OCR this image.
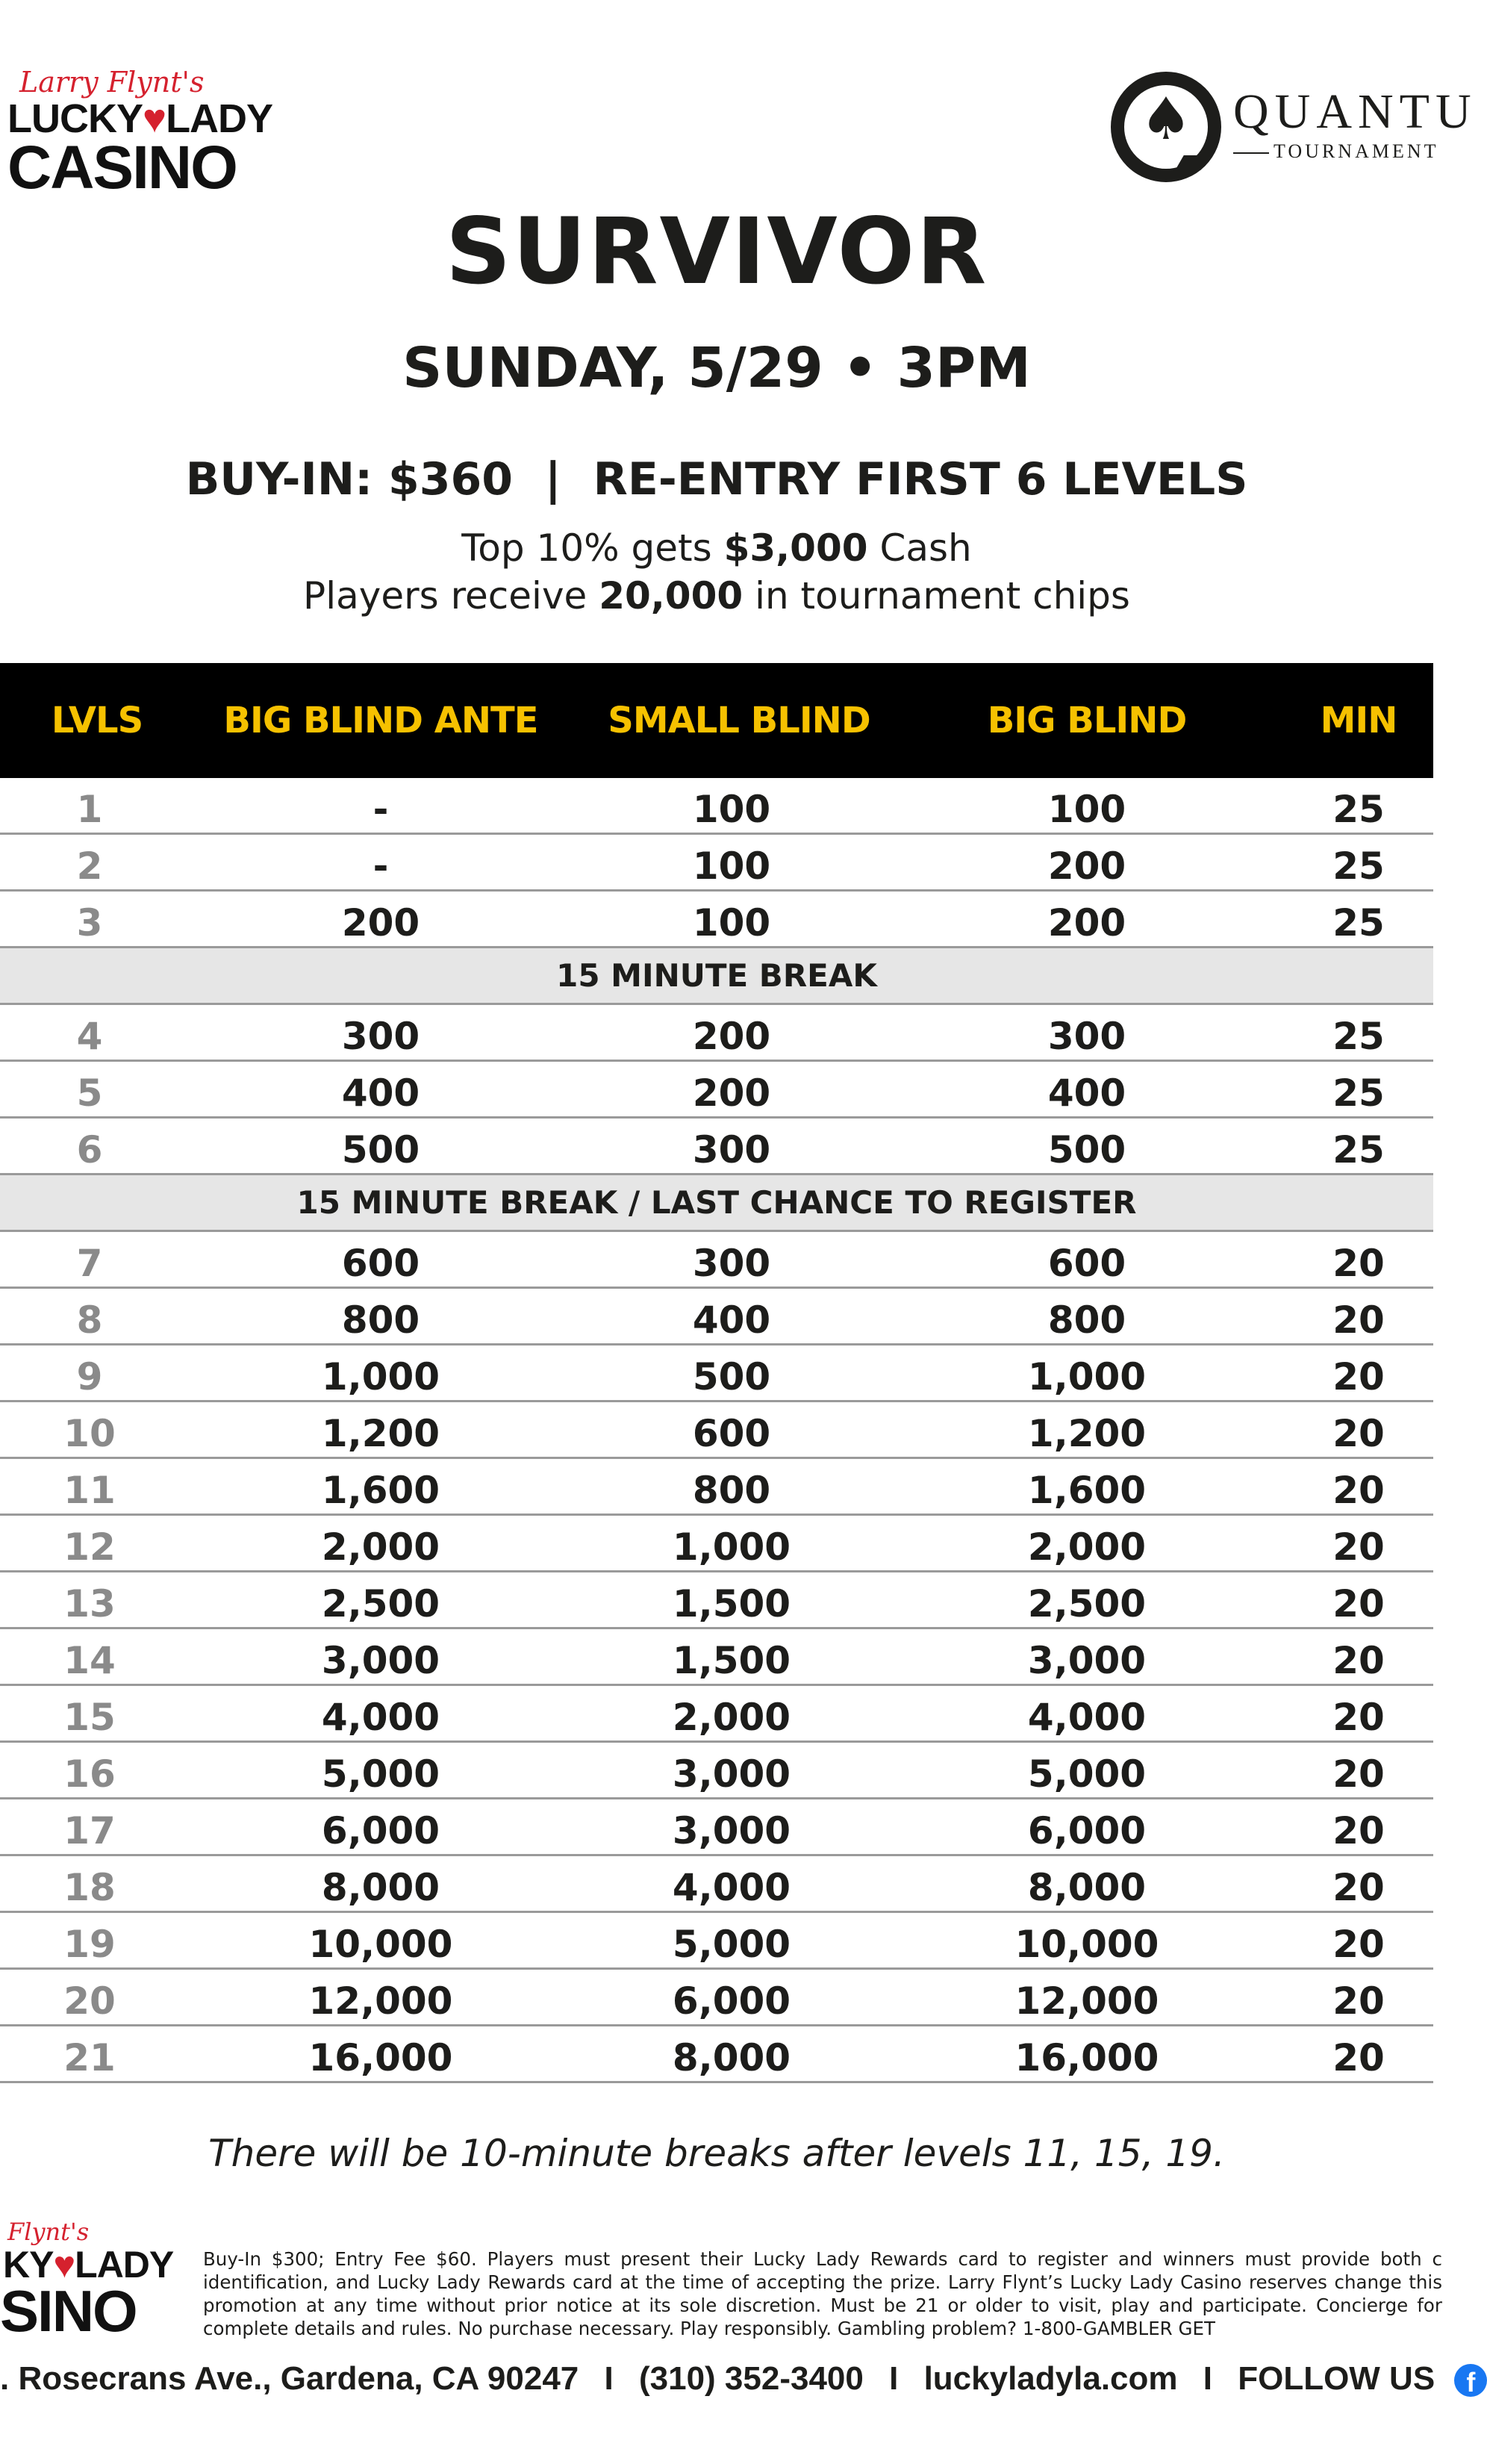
Larry Flynt's
LUCKY♥LADY
CASINO
♠ QUANTU
TOURNAMENT
SURVIVOR
SUNDAY, 5/29 • 3PM
BUY-IN: $360 | RE-ENTRY FIRST 6 LEVELS
Top 10% gets $3,000 Cash
Players receive 20,000 in tournament chips
LVLS	BIG BLIND ANTE	SMALL BLIND	BIG BLIND	MIN
1	-	100	100	25
2	-	100	200	25
3	200	100	200	25
15 MINUTE BREAK
4	300	200	300	25
5	400	200	400	25
6	500	300	500	25
15 MINUTE BREAK / LAST CHANCE TO REGISTER
7	600	300	600	20
8	800	400	800	20
9	1,000	500	1,000	20
10	1,200	600	1,200	20
11	1,600	800	1,600	20
12	2,000	1,000	2,000	20
13	2,500	1,500	2,500	20
14	3,000	1,500	3,000	20
15	4,000	2,000	4,000	20
16	5,000	3,000	5,000	20
17	6,000	3,000	6,000	20
18	8,000	4,000	8,000	20
19	10,000	5,000	10,000	20
20	12,000	6,000	12,000	20
21	16,000	8,000	16,000	20
There will be 10-minute breaks after levels 11, 15, 19.
Flynt's
KY♥LADY
SINO
Buy-In $300; Entry Fee $60. Players must present their Lucky Lady Rewards card to register and winners must provide both c identification, and Lucky Lady Rewards card at the time of accepting the prize. Larry Flynt’s Lucky Lady Casino reserves change this promotion at any time without prior notice at its sole discretion. Must be 21 or older to visit, play and participate. Concierge for complete details and rules. No purchase necessary. Play responsibly. Gambling problem? 1-800-GAMBLER GET
. Rosecrans Ave., Gardena, CA 90247 I (310) 352-3400 I luckyladyla.com I FOLLOW US f
